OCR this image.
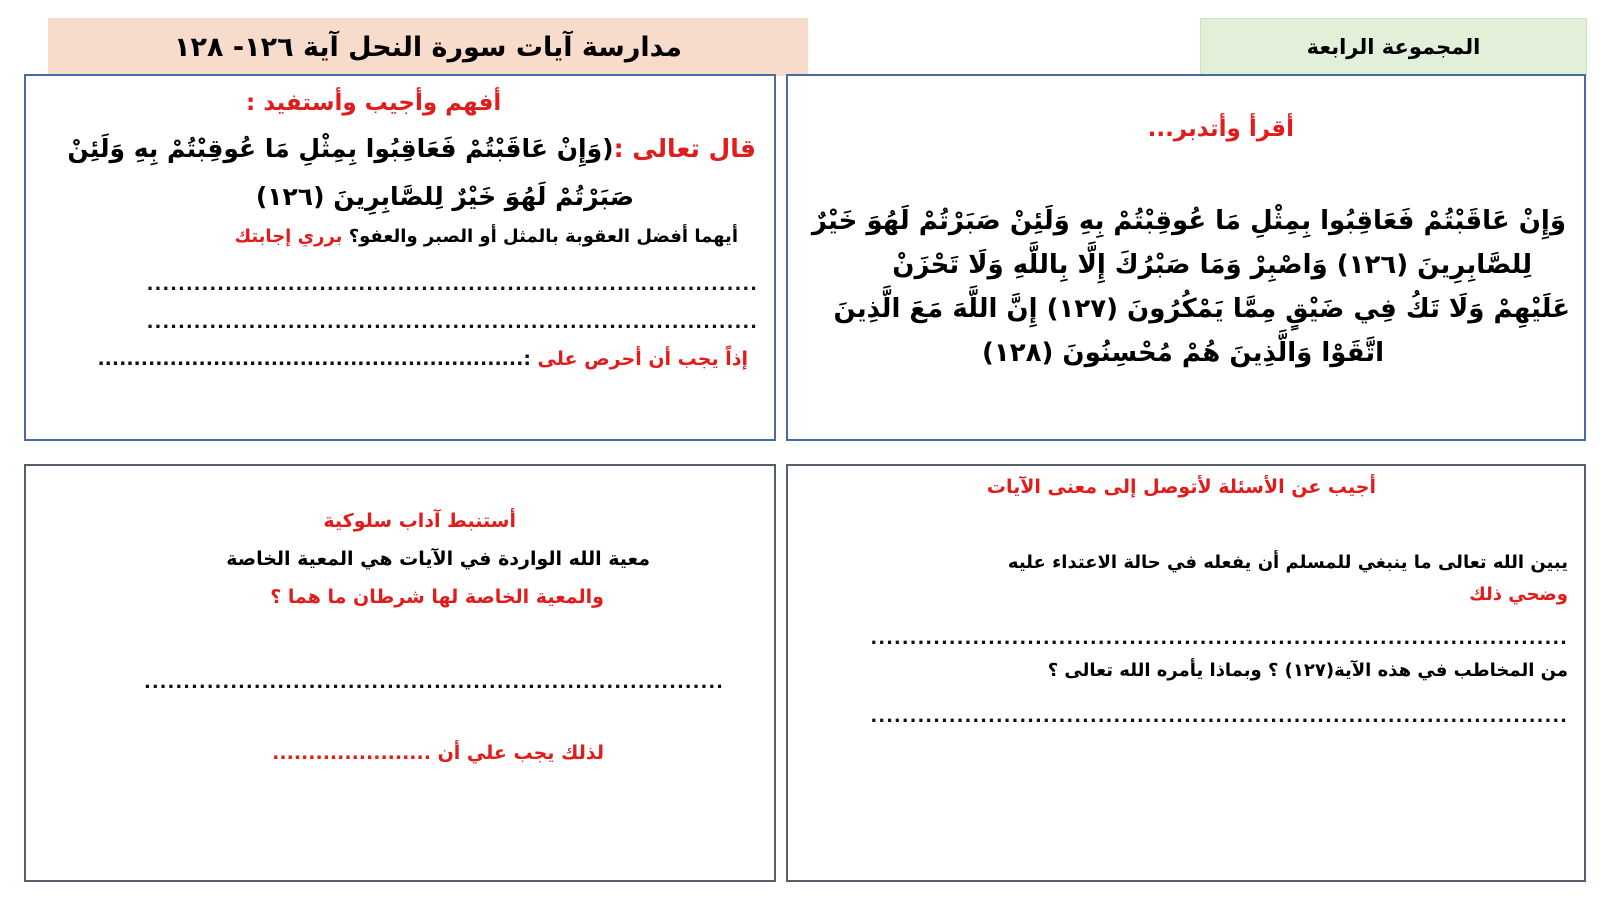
مدارسة آيات سورة النحل آية ١٢٦- ١٢٨	المجموعة الرابعة
أفهم وأجيب وأستفيد :
قال تعالى :(وَإِنْ عَاقَبْتُمْ فَعَاقِبُوا بِمِثْلِ مَا عُوقِبْتُمْ بِهِ وَلَئِنْ
صَبَرْتُمْ لَهُوَ خَيْرٌ لِلصَّابِرِينَ (١٢٦)
أيهما أفضل العقوبة بالمثل أو الصبر والعفو؟ برري إجابتك
..............................................................................
..............................................................................
إذاً يجب أن أحرص على :...........................................................
أقرأ وأتدبر...
وَإِنْ عَاقَبْتُمْ فَعَاقِبُوا بِمِثْلِ مَا عُوقِبْتُمْ بِهِ وَلَئِنْ صَبَرْتُمْ لَهُوَ خَيْرٌ
لِلصَّابِرِينَ (١٢٦) وَاصْبِرْ وَمَا صَبْرُكَ إِلَّا بِاللَّهِ وَلَا تَحْزَنْ
عَلَيْهِمْ وَلَا تَكُ فِي ضَيْقٍ مِمَّا يَمْكُرُونَ (١٢٧) إِنَّ اللَّهَ مَعَ الَّذِينَ
اتَّقَوْا وَالَّذِينَ هُمْ مُحْسِنُونَ (١٢٨)
أستنبط آداب سلوكية
معية الله الواردة في الآيات هي المعية الخاصة
والمعية الخاصة لها شرطان ما هما ؟
..........................................................................
لذلك يجب علي أن ......................
أجيب عن الأسئلة لأتوصل إلى معنى الآيات
يبين الله تعالى ما ينبغي للمسلم أن يفعله في حالة الاعتداء عليه
وضحي ذلك
.........................................................................................
من المخاطب في هذه الآية(١٢٧) ؟ وبماذا يأمره الله تعالى ؟
.........................................................................................
